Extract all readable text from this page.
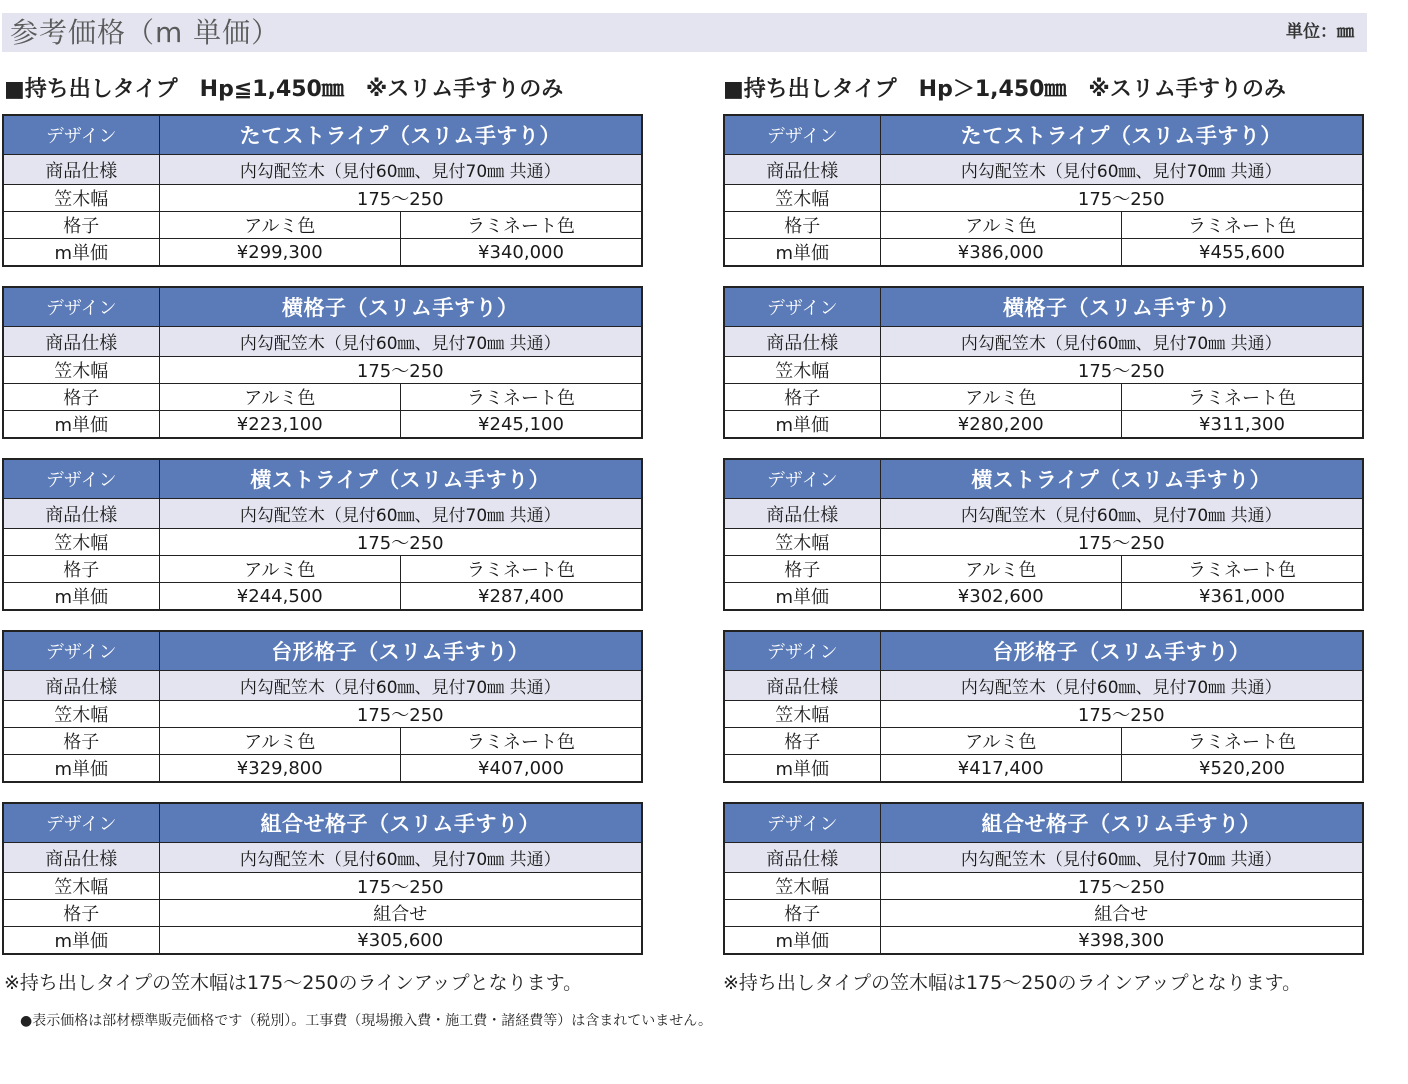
参考価格（m 単価）	単位：㎜
■持ち出しタイプ　Hp≦1,450㎜　※スリム手すりのみ	■持ち出しタイプ　Hp＞1,450㎜　※スリム手すりのみ
デザイン	たてストライプ（スリム手すり）	
商品仕様	内勾配笠木（見付60㎜、見付70㎜ 共通）	
笠木幅	175〜250	
格子	アルミ色	ラミネート色
m単価	¥299,300	¥340,000
デザイン	横格子（スリム手すり）	
商品仕様	内勾配笠木（見付60㎜、見付70㎜ 共通）	
笠木幅	175〜250	
格子	アルミ色	ラミネート色
m単価	¥223,100	¥245,100
デザイン	横ストライプ（スリム手すり）	
商品仕様	内勾配笠木（見付60㎜、見付70㎜ 共通）	
笠木幅	175〜250	
格子	アルミ色	ラミネート色
m単価	¥244,500	¥287,400
デザイン	台形格子（スリム手すり）	
商品仕様	内勾配笠木（見付60㎜、見付70㎜ 共通）	
笠木幅	175〜250	
格子	アルミ色	ラミネート色
m単価	¥329,800	¥407,000
デザイン	組合せ格子（スリム手すり）
商品仕様	内勾配笠木（見付60㎜、見付70㎜ 共通）
笠木幅	175〜250
格子	組合せ
m単価	¥305,600
デザイン	たてストライプ（スリム手すり）	
商品仕様	内勾配笠木（見付60㎜、見付70㎜ 共通）	
笠木幅	175〜250	
格子	アルミ色	ラミネート色
m単価	¥386,000	¥455,600
デザイン	横格子（スリム手すり）	
商品仕様	内勾配笠木（見付60㎜、見付70㎜ 共通）	
笠木幅	175〜250	
格子	アルミ色	ラミネート色
m単価	¥280,200	¥311,300
デザイン	横ストライプ（スリム手すり）	
商品仕様	内勾配笠木（見付60㎜、見付70㎜ 共通）	
笠木幅	175〜250	
格子	アルミ色	ラミネート色
m単価	¥302,600	¥361,000
デザイン	台形格子（スリム手すり）	
商品仕様	内勾配笠木（見付60㎜、見付70㎜ 共通）	
笠木幅	175〜250	
格子	アルミ色	ラミネート色
m単価	¥417,400	¥520,200
デザイン	組合せ格子（スリム手すり）
商品仕様	内勾配笠木（見付60㎜、見付70㎜ 共通）
笠木幅	175〜250
格子	組合せ
m単価	¥398,300
※持ち出しタイプの笠木幅は175〜250のラインアップとなります。	※持ち出しタイプの笠木幅は175〜250のラインアップとなります。
●表示価格は部材標準販売価格です（税別）。工事費（現場搬入費・施工費・諸経費等）は含まれていません。
